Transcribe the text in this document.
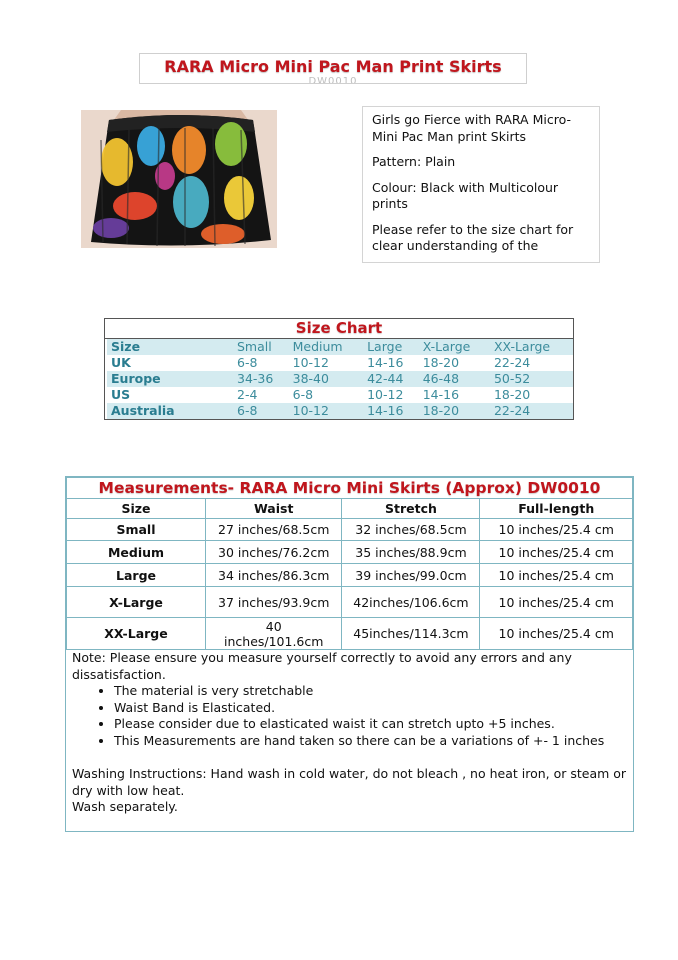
RARA Micro Mini Pac Man Print Skirts
DW0010

Girls go Fierce with RARA Micro-Mini Pac Man print Skirts

Pattern: Plain

Colour: Black with Multicolour prints

Please refer to the size chart for clear understanding of the

Size Chart
Size	Small	Medium	Large	X-Large	XX-Large
UK	6-8	10-12	14-16	18-20	22-24
Europe	34-36	38-40	42-44	46-48	50-52
US	2-4	6-8	10-12	14-16	18-20
Australia	6-8	10-12	14-16	18-20	22-24
Measurements- RARA Micro Mini Skirts (Approx) DW0010			
Size	Waist	Stretch	Full-length
Small	27 inches/68.5cm	32 inches/68.5cm	10 inches/25.4 cm
Medium	30 inches/76.2cm	35 inches/88.9cm	10 inches/25.4 cm
Large	34 inches/86.3cm	39 inches/99.0cm	10 inches/25.4 cm
X-Large	37 inches/93.9cm	42inches/106.6cm	10 inches/25.4 cm
XX-Large	40 inches/101.6cm	45inches/114.3cm	10 inches/25.4 cm
Note: Please ensure you measure yourself correctly to avoid any errors and any dissatisfaction.
• The material is very stretchable
• Waist Band is Elasticated.
• Please consider due to elasticated waist it can stretch upto +5 inches.
• This Measurements are hand taken so there can be a variations of +- 1 inches
Washing Instructions: Hand wash in cold water, do not bleach , no heat iron, or steam or dry with low heat.
Wash separately.
